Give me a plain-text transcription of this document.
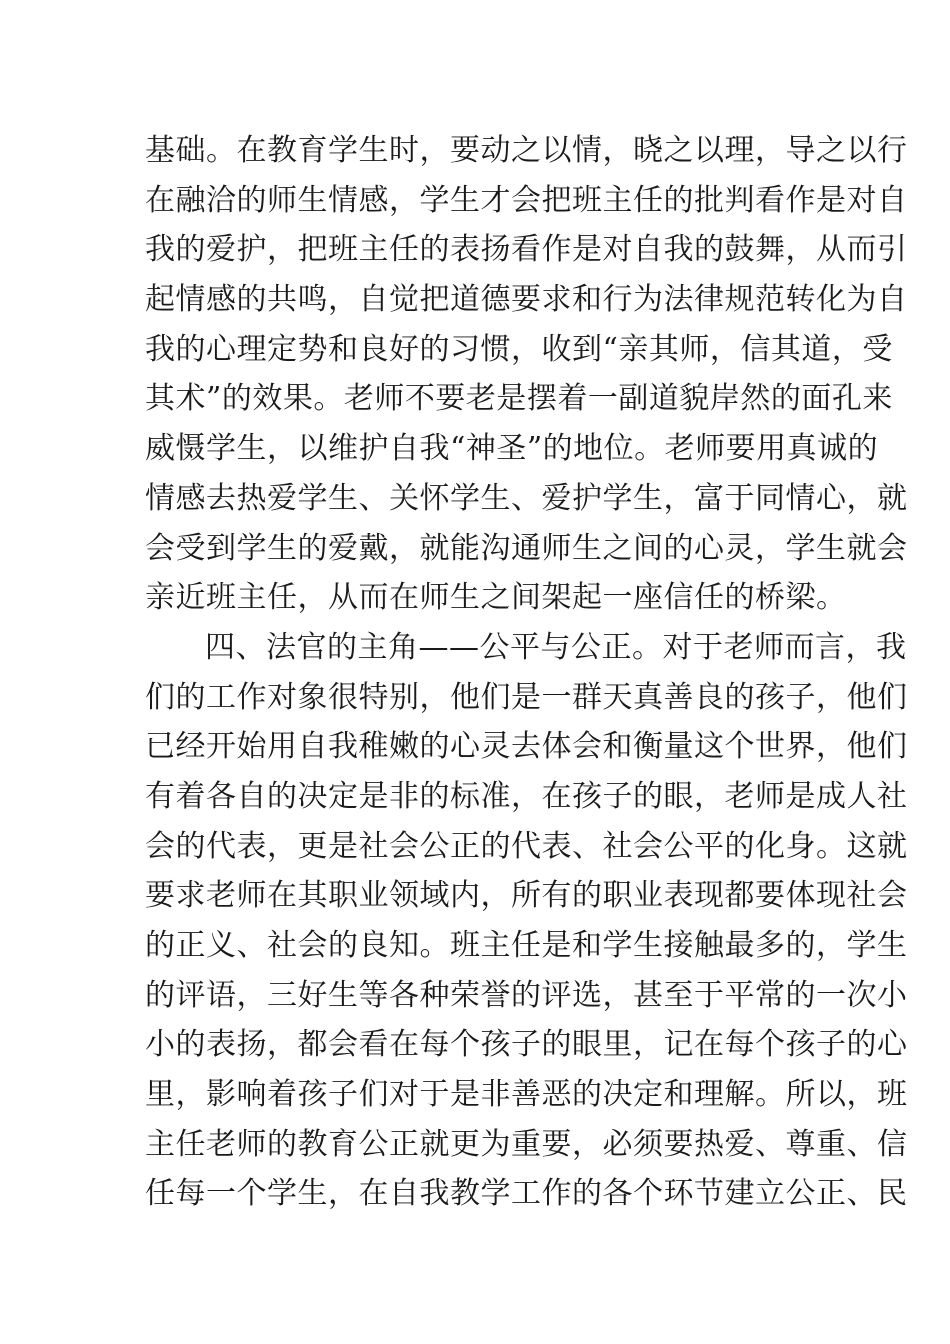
基础。在教育学生时，要动之以情，晓之以理，导之以行
在融洽的师生情感，学生才会把班主任的批判看作是对自
我的爱护，把班主任的表扬看作是对自我的鼓舞，从而引
起情感的共鸣，自觉把道德要求和行为法律规范转化为自
我的心理定势和良好的习惯，收到“亲其师，信其道，受
其术”的效果。老师不要老是摆着一副道貌岸然的面孔来
威慑学生，以维护自我“神圣”的地位。老师要用真诚的
情感去热爱学生、关怀学生、爱护学生，富于同情心，就
会受到学生的爱戴，就能沟通师生之间的心灵，学生就会
亲近班主任，从而在师生之间架起一座信任的桥梁。
四、法官的主角——公平与公正。对于老师而言，我
们的工作对象很特别，他们是一群天真善良的孩子，他们
已经开始用自我稚嫩的心灵去体会和衡量这个世界，他们
有着各自的决定是非的标准，在孩子的眼，老师是成人社
会的代表，更是社会公正的代表、社会公平的化身。这就
要求老师在其职业领域内，所有的职业表现都要体现社会
的正义、社会的良知。班主任是和学生接触最多的，学生
的评语，三好生等各种荣誉的评选，甚至于平常的一次小
小的表扬，都会看在每个孩子的眼里，记在每个孩子的心
里，影响着孩子们对于是非善恶的决定和理解。所以，班
主任老师的教育公正就更为重要，必须要热爱、尊重、信
任每一个学生，在自我教学工作的各个环节建立公正、民
